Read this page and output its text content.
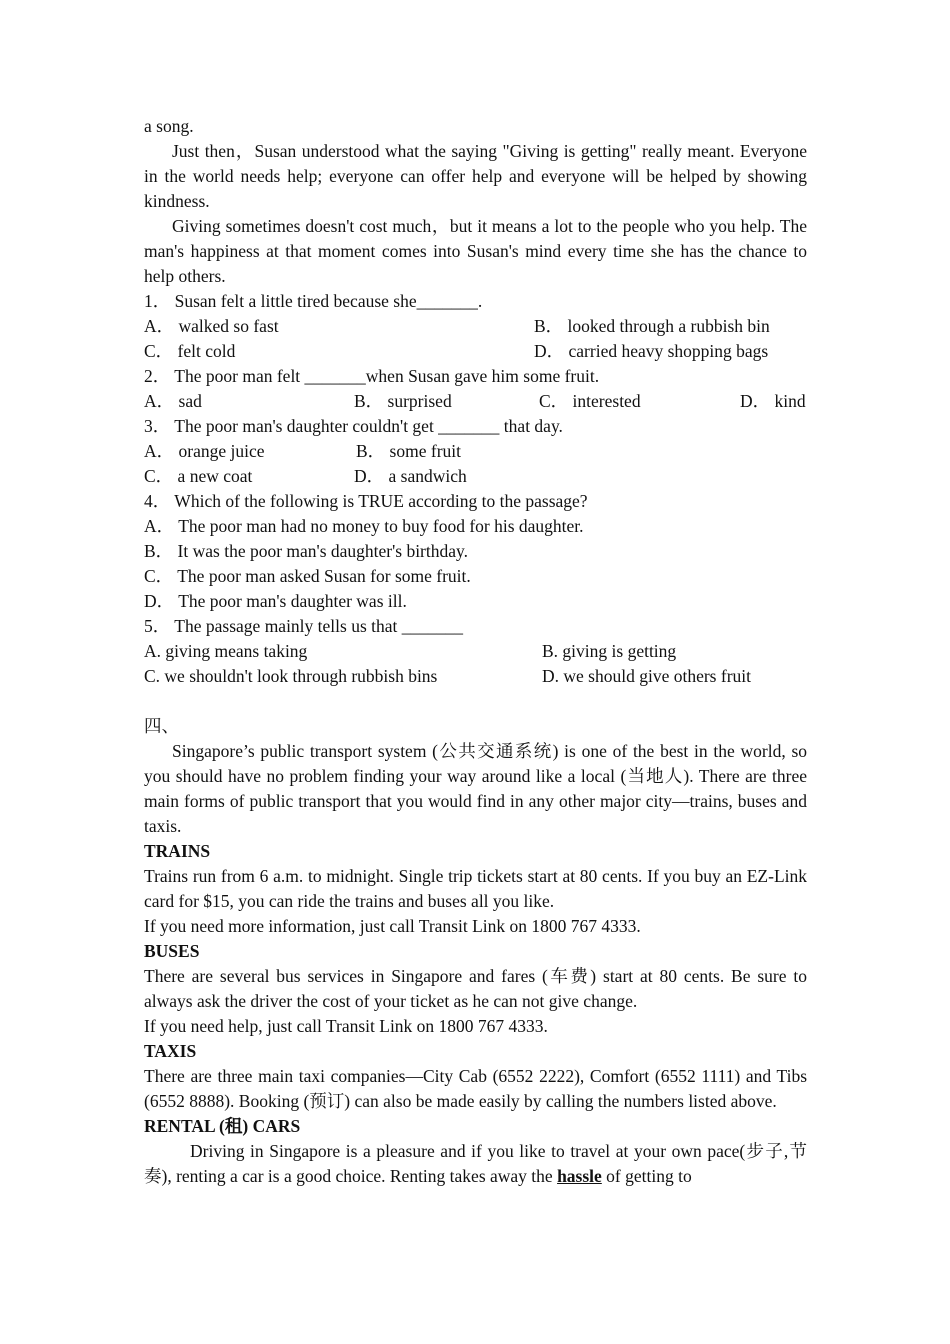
a song.

Just then，Susan understood what the saying "Giving is getting" really meant. Everyone in the world needs help; everyone can offer help and everyone will be helped by showing kindness.

Giving sometimes doesn't cost much，but it means a lot to the people who you help. The man's happiness at that moment comes into Susan's mind every time she has the chance to help others.

1． Susan felt a little tired because she_______.
A． walked so fast	B． looked through a rubbish bin
C． felt cold	D． carried heavy shopping bags
2． The poor man felt _______when Susan gave him some fruit.
A． sad	B． surprised	C． interested	D． kind
3． The poor man's daughter couldn't get _______ that day.
A． orange juice	B． some fruit
C． a new coat	D． a sandwich
4． Which of the following is TRUE according to the passage?
A． The poor man had no money to buy food for his daughter.
B． It was the poor man's daughter's birthday.
C． The poor man asked Susan for some fruit.
D． The poor man's daughter was ill.
5． The passage mainly tells us that _______
A. giving means taking	B. giving is getting
C. we shouldn't look through rubbish bins	D. we should give others fruit
四、

Singapore’s public transport system (公共交通系统) is one of the best in the world, so you should have no problem finding your way around like a local (当地人). There are three main forms of public transport that you would find in any other major city—trains, buses and taxis.

TRAINS

Trains run from 6 a.m. to midnight. Single trip tickets start at 80 cents. If you buy an EZ-Link card for $15, you can ride the trains and buses all you like.

If you need more information, just call Transit Link on 1800 767 4333.

BUSES

There are several bus services in Singapore and fares (车费) start at 80 cents. Be sure to always ask the driver the cost of your ticket as he can not give change.

If you need help, just call Transit Link on 1800 767 4333.

TAXIS

There are three main taxi companies—City Cab (6552 2222), Comfort (6552 1111) and Tibs (6552 8888). Booking (预订) can also be made easily by calling the numbers listed above.

RENTAL (租) CARS

Driving in Singapore is a pleasure and if you like to travel at your own pace(步子,节奏), renting a car is a good choice. Renting takes away the hassle of getting to
